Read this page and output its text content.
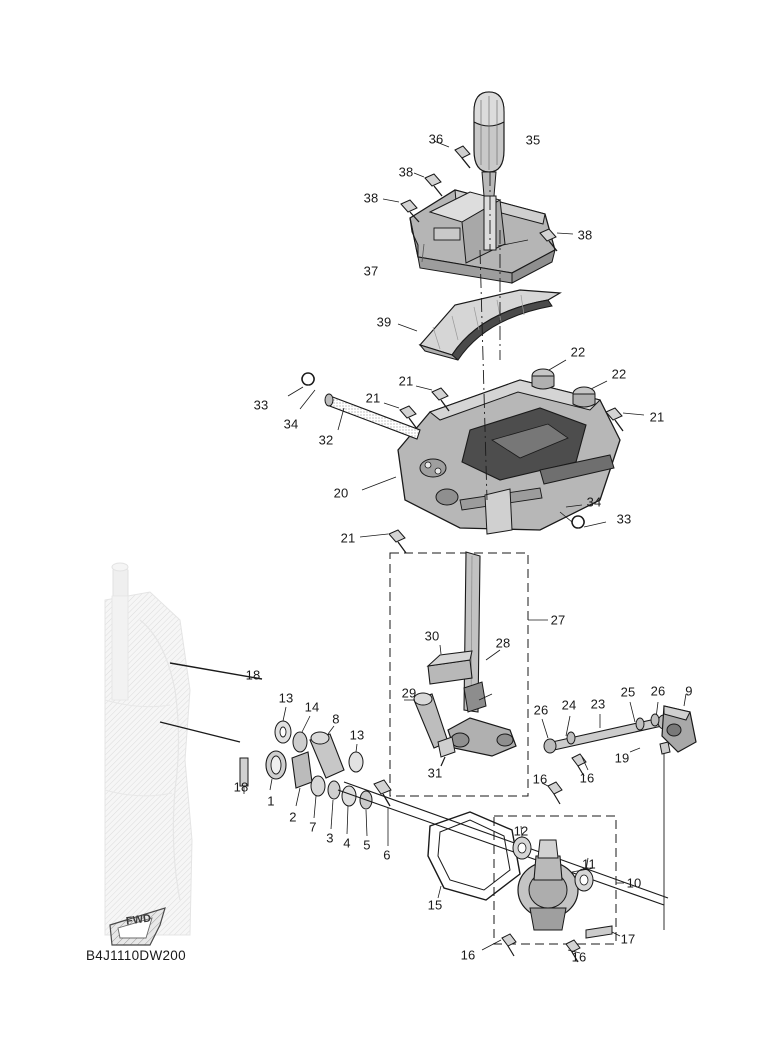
FWD
B4J1110DW200
36	35
38
38
38
37
39
22
22
21
21
21
33
34
32
20
34
33
21
27
30	28
18
29
13	9
26
25
23
24
26
14
8
13
19
31
18
1
2
7
3 4 5
6
16 16
12
11
10
15
17
16	16
